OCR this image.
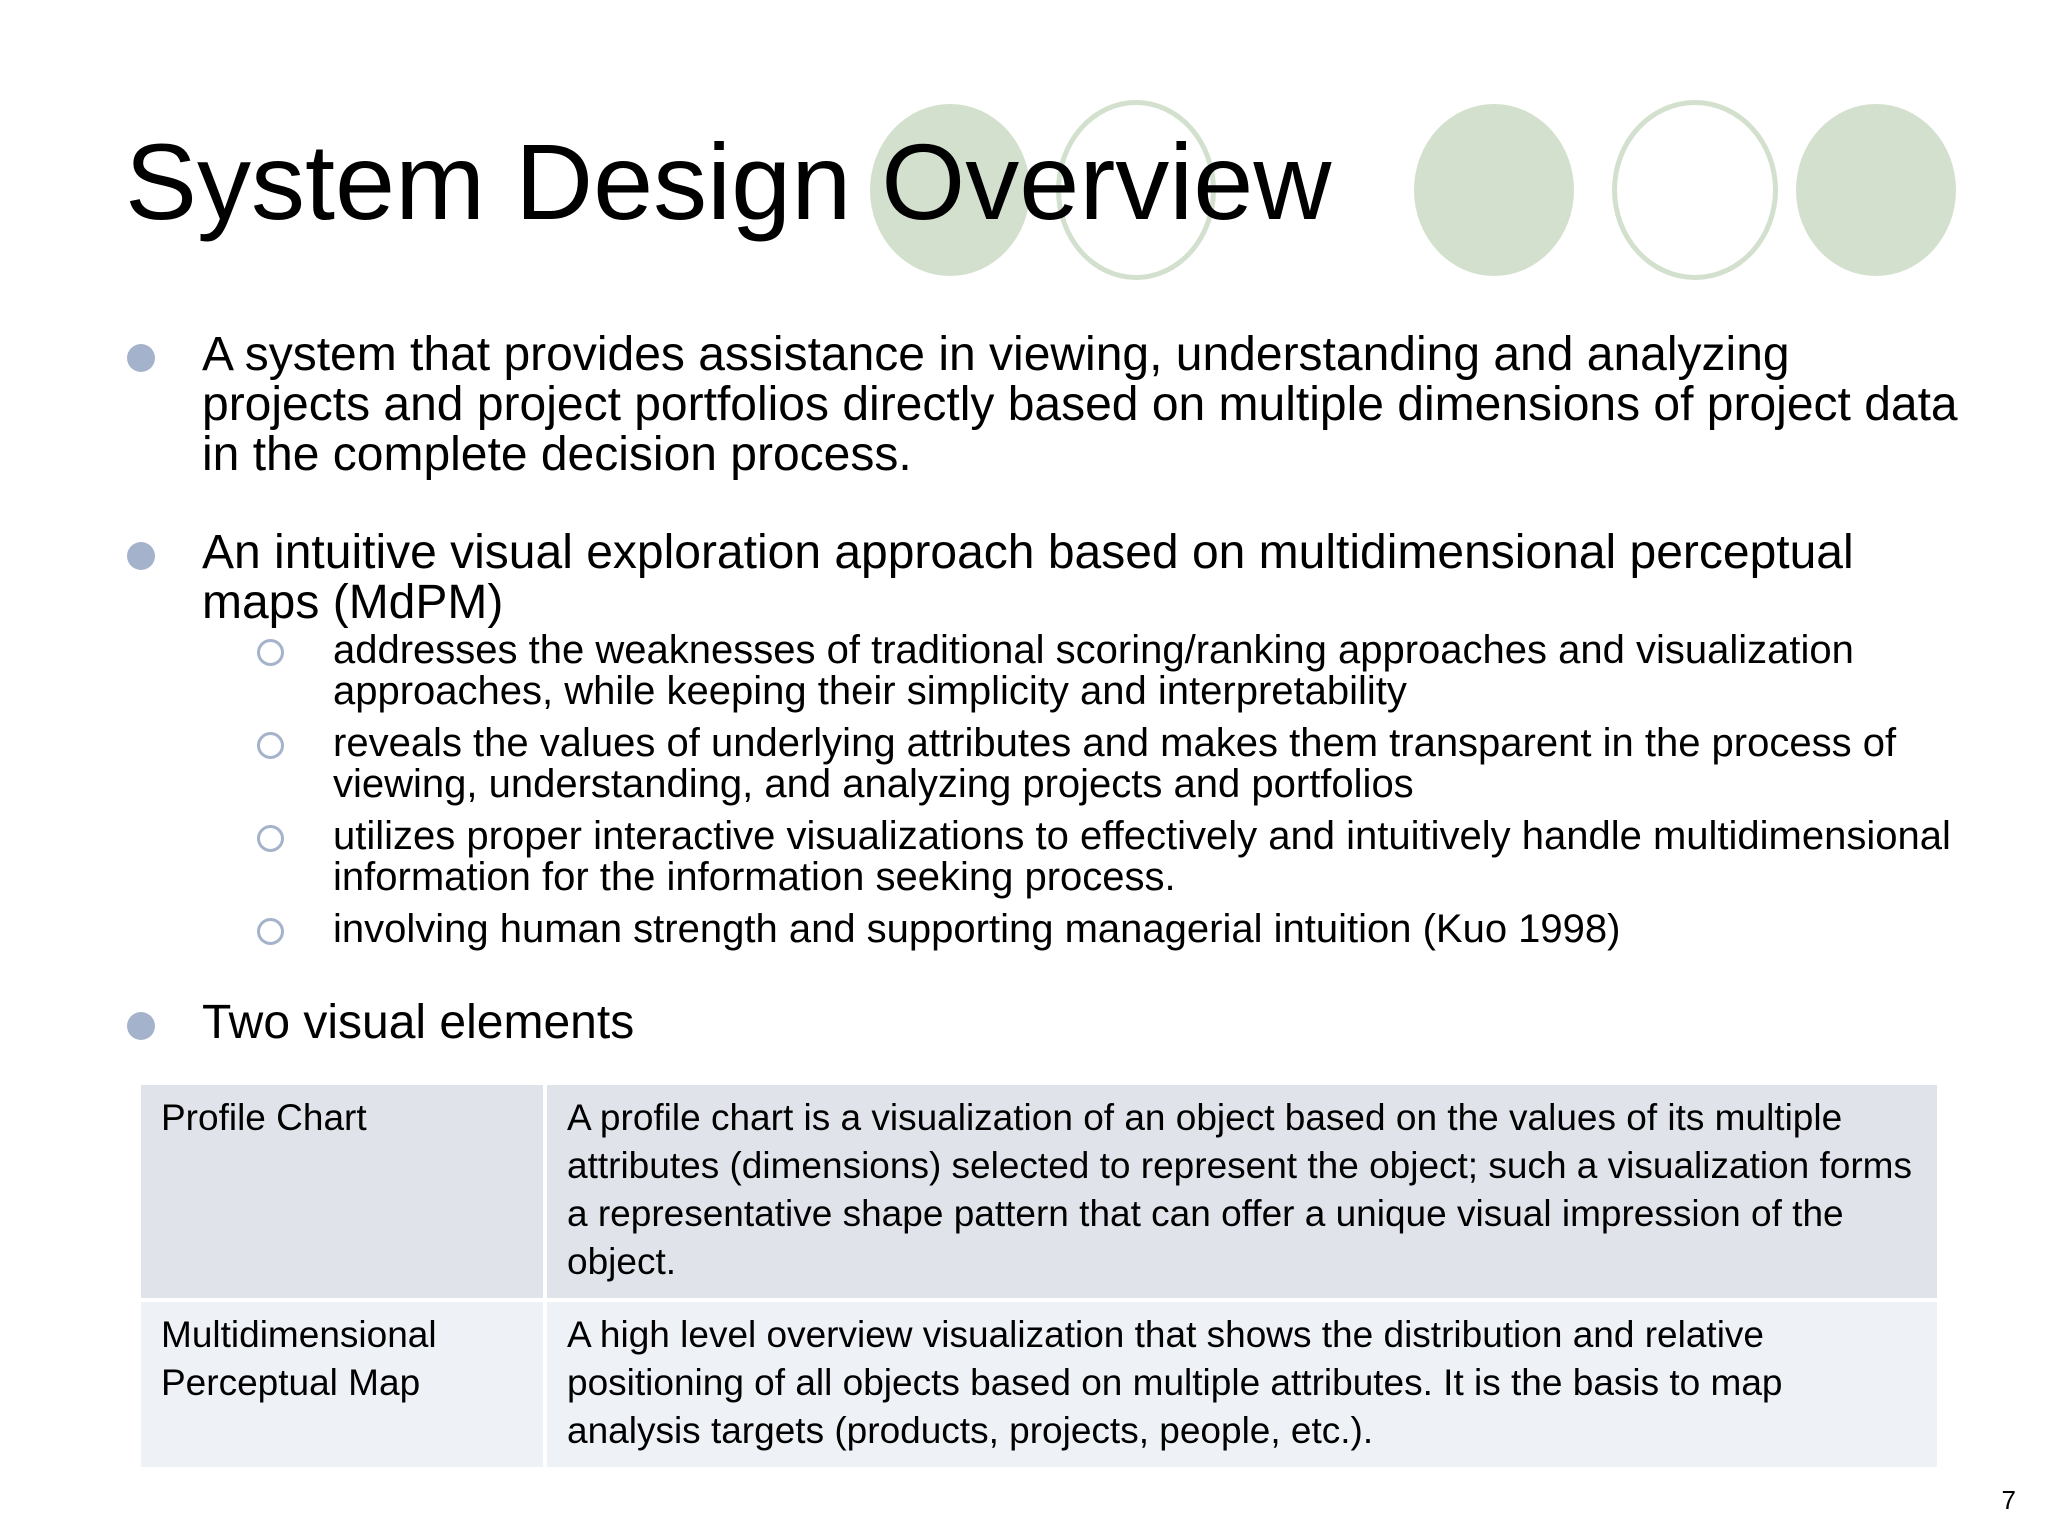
System Design Overview
A system that provides assistance in viewing, understanding and analyzing projects and project portfolios directly based on multiple dimensions of project data in the complete decision process.
An intuitive visual exploration approach based on multidimensional perceptual maps (MdPM)
addresses the weaknesses of traditional scoring/ranking approaches and visualization approaches, while keeping their simplicity and interpretability
reveals the values of underlying attributes and makes them transparent in the process of viewing, understanding, and analyzing projects and portfolios
utilizes proper interactive visualizations to effectively and intuitively handle multidimensional information for the information seeking process.
involving human strength and supporting managerial intuition (Kuo 1998)
Two visual elements
Profile Chart	A profile chart is a visualization of an object based on the values of its multiple attributes (dimensions) selected to represent the object; such a visualization forms a representative shape pattern that can offer a unique visual impression of the object.
Multidimensional Perceptual Map	A high level overview visualization that shows the distribution and relative positioning of all objects based on multiple attributes. It is the basis to map analysis targets (products, projects, people, etc.).
7
